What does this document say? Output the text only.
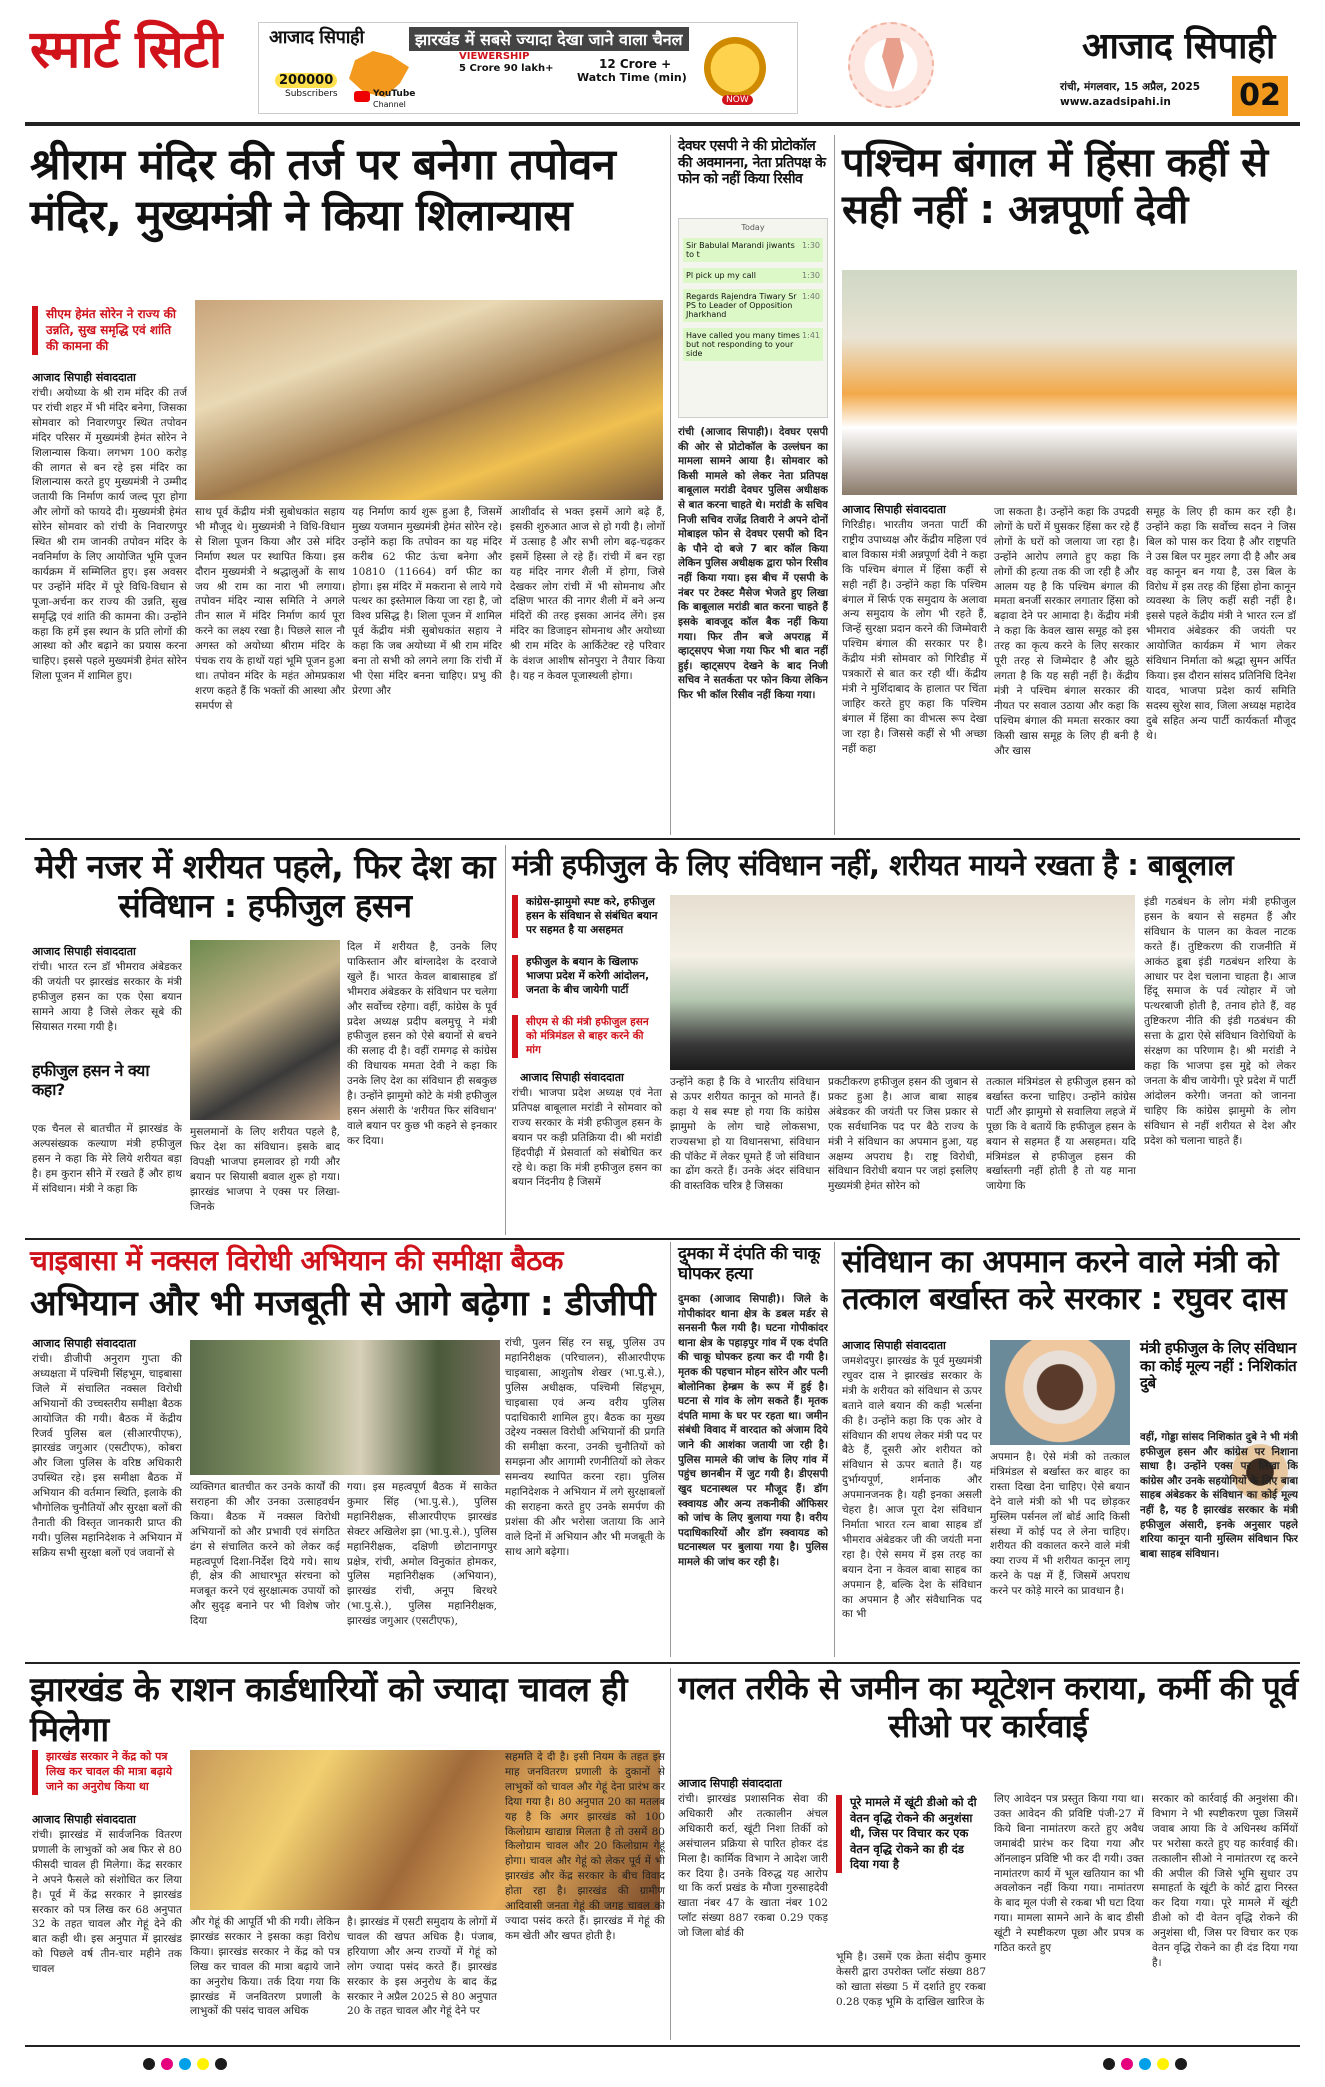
स्मार्ट सिटी	आजाद सिपाही	झारखंड में सबसे ज्यादा देखा जाने वाला चैनल
200000
Subscribers
VIEWERSHIP
5 Crore 90 lakh+	12 Crore +
Watch Time (min)
YouTube
Channel	NOW
आजाद सिपाही
रांची, मंगलवार, 15 अप्रैल, 2025
www.azadsipahi.in 02
श्रीराम मंदिर की तर्ज पर बनेगा तपोवन मंदिर, मुख्यमंत्री ने किया शिलान्यास
सीएम हेमंत सोरेन ने राज्य की उन्नति, सुख समृद्धि एवं शांति की कामना की
आजाद सिपाही संवाददाता
रांची। अयोध्या के श्री राम मंदिर की तर्ज पर रांची शहर में भी मंदिर बनेगा, जिसका सोमवार को निवारणपुर स्थित तपोवन मंदिर परिसर में मुख्यमंत्री हेमंत सोरेन ने शिलान्यास किया। लगभग 100 करोड़ की लागत से बन रहे इस मंदिर का शिलान्यास करते हुए मुख्यमंत्री ने उम्मीद जतायी कि निर्माण कार्य जल्द पूरा होगा और लोगों को फायदे दी। मुख्यमंत्री हेमंत सोरेन सोमवार को रांची के निवारणपुर स्थित श्री राम जानकी तपोवन मंदिर के नवनिर्माण के लिए आयोजित भूमि पूजन कार्यक्रम में सम्मिलित हुए। इस अवसर पर उन्होंने मंदिर में पूरे विधि-विधान से पूजा-अर्चना कर राज्य की उन्नति, सुख समृद्धि एवं शांति की कामना की। उन्होंने कहा कि हमें इस स्थान के प्रति लोगों की आस्था को और बढ़ाने का प्रयास करना चाहिए। इससे पहले मुख्यमंत्री हेमंत सोरेन शिला पूजन में शामिल हुए।
साथ पूर्व केंद्रीय मंत्री सुबोधकांत सहाय भी मौजूद थे। मुख्यमंत्री ने विधि-विधान से शिला पूजन किया और उसे मंदिर निर्माण स्थल पर स्थापित किया। इस दौरान मुख्यमंत्री ने श्रद्धालुओं के साथ जय श्री राम का नारा भी लगाया। तपोवन मंदिर न्यास समिति ने अगले तीन साल में मंदिर निर्माण कार्य पूरा करने का लक्ष्य रखा है। पिछले साल नौ अगस्त को अयोध्या श्रीराम मंदिर के पंचक राय के हाथों यहां भूमि पूजन हुआ था। तपोवन मंदिर के महंत ओमप्रकाश शरण कहते हैं कि भक्तों की आस्था और समर्पण से
यह निर्माण कार्य शुरू हुआ है, जिसमें मुख्य यजमान मुख्यमंत्री हेमंत सोरेन रहे। उन्होंने कहा कि तपोवन का यह मंदिर करीब 62 फीट ऊंचा बनेगा और 10810 (11664) वर्ग फीट का होगा। इस मंदिर में मकराना से लाये गये पत्थर का इस्तेमाल किया जा रहा है, जो विश्व प्रसिद्ध है। शिला पूजन में शामिल पूर्व केंद्रीय मंत्री सुबोधकांत सहाय ने कहा कि जब अयोध्या में श्री राम मंदिर बना तो सभी को लगने लगा कि रांची में भी ऐसा मंदिर बनना चाहिए। प्रभु की प्रेरणा और
आशीर्वाद से भक्त इसमें आगे बढ़े हैं, इसकी शुरुआत आज से हो गयी है। लोगों में उत्साह है और सभी लोग बढ़-चढ़कर इसमें हिस्सा ले रहे हैं। रांची में बन रहा यह मंदिर नागर शैली में होगा, जिसे देखकर लोग रांची में भी सोमनाथ और दक्षिण भारत की नागर शैली में बने अन्य मंदिरों की तरह इसका आनंद लेंगे। इस मंदिर का डिजाइन सोमनाथ और अयोध्या श्री राम मंदिर के आर्किटेक्ट रहे परिवार के वंशज आशीष सोनपुरा ने तैयार किया है। यह न केवल पूजास्थली होगा।
देवघर एसपी ने की प्रोटोकॉल की अवमानना, नेता प्रतिपक्ष के फोन को नहीं किया रिसीव
Today
Sir Babulal Marandi jiwants to t
1:30
Pl pick up my call	1:30
Regards Rajendra Tiwary Sr PS to Leader of Opposition Jharkhand
1:40
Have called you many times but not responding to your side
1:41
रांची (आजाद सिपाही)। देवघर एसपी की ओर से प्रोटोकॉल के उल्लंघन का मामला सामने आया है। सोमवार को किसी मामले को लेकर नेता प्रतिपक्ष बाबूलाल मरांडी देवघर पुलिस अधीक्षक से बात करना चाहते थे। मरांडी के सचिव निजी सचिव राजेंद्र तिवारी ने अपने दोनों मोबाइल फोन से देवघर एसपी को दिन के पौने दो बजे 7 बार कॉल किया लेकिन पुलिस अधीक्षक द्वारा फोन रिसीव नहीं किया गया। इस बीच में एसपी के नंबर पर टेक्स्ट मैसेज भेजते हुए लिखा कि बाबूलाल मरांडी बात करना चाहते हैं इसके बावजूद कॉल बैक नहीं किया गया। फिर तीन बजे अपराह्न में व्हाट्सएप भेजा गया फिर भी बात नहीं हुई। व्हाट्सएप देखने के बाद निजी सचिव ने सतर्कता पर फोन किया लेकिन फिर भी कॉल रिसीव नहीं किया गया।
पश्चिम बंगाल में हिंसा कहीं से सही नहीं : अन्नपूर्णा देवी
आजाद सिपाही संवाददाता
गिरिडीह। भारतीय जनता पार्टी की राष्ट्रीय उपाध्यक्ष और केंद्रीय महिला एवं बाल विकास मंत्री अन्नपूर्णा देवी ने कहा कि पश्चिम बंगाल में हिंसा कहीं से सही नहीं है। उन्होंने कहा कि पश्चिम बंगाल में सिर्फ एक समुदाय के अलावा अन्य समुदाय के लोग भी रहते हैं, जिन्हें सुरक्षा प्रदान करने की जिम्मेवारी पश्चिम बंगाल की सरकार पर है। केंद्रीय मंत्री सोमवार को गिरिडीह में पत्रकारों से बात कर रही थीं। केंद्रीय मंत्री ने मुर्शिदाबाद के हालात पर चिंता जाहिर करते हुए कहा कि पश्चिम बंगाल में हिंसा का वीभत्स रूप देखा जा रहा है। जिससे कहीं से भी अच्छा नहीं कहा
जा सकता है। उन्होंने कहा कि उपद्रवी लोगों के घरों में घुसकर हिंसा कर रहे हैं लोगों के घरों को जलाया जा रहा है। उन्होंने आरोप लगाते हुए कहा कि लोगों की हत्या तक की जा रही है और आलम यह है कि पश्चिम बंगाल की ममता बनर्जी सरकार लगातार हिंसा को बढ़ावा देने पर आमादा है। केंद्रीय मंत्री ने कहा कि केवल खास समूह को इस तरह का कृत्य करने के लिए सरकार पूरी तरह से जिम्मेदार है और झूठे लगता है कि यह सही नहीं है। केंद्रीय मंत्री ने पश्चिम बंगाल सरकार की नीयत पर सवाल उठाया और कहा कि पश्चिम बंगाल की ममता सरकार क्या किसी खास समूह के लिए ही बनी है और खास
समूह के लिए ही काम कर रही है। उन्होंने कहा कि सर्वोच्च सदन ने जिस बिल को पास कर दिया है और राष्ट्रपति ने उस बिल पर मुहर लगा दी है और अब वह कानून बन गया है, उस बिल के विरोध में इस तरह की हिंसा होना कानून व्यवस्था के लिए कहीं सही नहीं है। इससे पहले केंद्रीय मंत्री ने भारत रत्न डॉ भीमराव अंबेडकर की जयंती पर आयोजित कार्यक्रम में भाग लेकर संविधान निर्माता को श्रद्धा सुमन अर्पित किया। इस दौरान सांसद प्रतिनिधि दिनेश यादव, भाजपा प्रदेश कार्य समिति सदस्य सुरेश साव, जिला अध्यक्ष महादेव दुबे सहित अन्य पार्टी कार्यकर्ता मौजूद थे।
मेरी नजर में शरीयत पहले, फिर देश का संविधान : हफीजुल हसन
आजाद सिपाही संवाददाता
रांची। भारत रत्न डॉ भीमराव अंबेडकर की जयंती पर झारखंड सरकार के मंत्री हफीजुल हसन का एक ऐसा बयान सामने आया है जिसे लेकर सूबे की सियासत गरमा गयी है।
हफीजुल हसन ने क्या कहा?
एक चैनल से बातचीत में झारखंड के अल्पसंख्यक कल्याण मंत्री हफीजुल हसन ने कहा कि मेरे लिये शरीयत बड़ा है। हम कुरान सीने में रखते हैं और हाथ में संविधान। मंत्री ने कहा कि
मुसलमानों के लिए शरीयत पहले है, फिर देश का संविधान। इसके बाद विपक्षी भाजपा हमलावर हो गयी और बयान पर सियासी बवाल शुरू हो गया। झारखंड भाजपा ने एक्स पर लिखा- जिनके
दिल में शरीयत है, उनके लिए पाकिस्तान और बांग्लादेश के दरवाजे खुले हैं। भारत केवल बाबासाहब डॉ भीमराव अंबेडकर के संविधान पर चलेगा और सर्वोच्च रहेगा। वहीं, कांग्रेस के पूर्व प्रदेश अध्यक्ष प्रदीप बलमुचू ने मंत्री हफीजुल हसन को ऐसे बयानों से बचने की सलाह दी है। वहीं रामगढ़ से कांग्रेस की विधायक ममता देवी ने कहा कि उनके लिए देश का संविधान ही सबकुछ है। उन्होंने झामुमो कोटे के मंत्री हफीजुल हसन अंसारी के 'शरीयत फिर संविधान' वाले बयान पर कुछ भी कहने से इनकार कर दिया।
मंत्री हफीजुल के लिए संविधान नहीं, शरीयत मायने रखता है : बाबूलाल
कांग्रेस-झामुमो स्पष्ट करे, हफीजुल हसन के संविधान से संबंधित बयान पर सहमत है या असहमत
हफीजुल के बयान के खिलाफ भाजपा प्रदेश में करेगी आंदोलन, जनता के बीच जायेगी पार्टी
सीएम से की मंत्री हफीजुल हसन को मंत्रिमंडल से बाहर करने की मांग
आजाद सिपाही संवाददाता
रांची। भाजपा प्रदेश अध्यक्ष एवं नेता प्रतिपक्ष बाबूलाल मरांडी ने सोमवार को राज्य सरकार के मंत्री हफीजुल हसन के बयान पर कड़ी प्रतिक्रिया दी। श्री मरांडी हिंदपीढ़ी में प्रेसवार्ता को संबोधित कर रहे थे। कहा कि मंत्री हफीजुल हसन का बयान निंदनीय है जिसमें
उन्होंने कहा है कि वे भारतीय संविधान से ऊपर शरीयत कानून को मानते हैं। कहा ये सब स्पष्ट हो गया कि कांग्रेस झामुमो के लोग चाहे लोकसभा, राज्यसभा हो या विधानसभा, संविधान की पॉकेट में लेकर घूमते हैं जो संविधान का ढोंग करते हैं। उनके अंदर संविधान की वास्तविक चरित्र है जिसका
प्रकटीकरण हफीजुल हसन की जुबान से प्रकट हुआ है। आज बाबा साहब अंबेडकर की जयंती पर जिस प्रकार से एक सर्वधानिक पद पर बैठे राज्य के मंत्री ने संविधान का अपमान हुआ, यह अक्षम्य अपराध है। राष्ट्र विरोधी, संविधान विरोधी बयान पर जहां इसलिए मुख्यमंत्री हेमंत सोरेन को
तत्काल मंत्रिमंडल से हफीजुल हसन को बर्खास्त करना चाहिए। उन्होंने कांग्रेस पार्टी और झामुमो से सवालिया लहजे में पूछा कि वे बतायें कि हफीजुल हसन के बयान से सहमत हैं या असहमत। यदि मंत्रिमंडल से हफीजुल हसन की बर्खास्तगी नहीं होती है तो यह माना जायेगा कि
इंडी गठबंधन के लोग मंत्री हफीजुल हसन के बयान से सहमत हैं और संविधान के पालन का केवल नाटक करते हैं। तुष्टिकरण की राजनीति में आकंठ डूबा इंडी गठबंधन शरिया के आधार पर देश चलाना चाहता है। आज हिंदू समाज के पर्व त्योहार में जो पत्थरबाजी होती है, तनाव होते हैं, वह तुष्टिकरण नीति की इंडी गठबंधन की सत्ता के द्वारा ऐसे संविधान विरोधियों के संरक्षण का परिणाम है। श्री मरांडी ने कहा कि भाजपा इस मुद्दे को लेकर जनता के बीच जायेगी। पूरे प्रदेश में पार्टी आंदोलन करेगी। जनता को जानना चाहिए कि कांग्रेस झामुमो के लोग संविधान से नहीं शरीयत से देश और प्रदेश को चलाना चाहते हैं।
चाइबासा में नक्सल विरोधी अभियान की समीक्षा बैठक
अभियान और भी मजबूती से आगे बढ़ेगा : डीजीपी
आजाद सिपाही संवाददाता
रांची। डीजीपी अनुराग गुप्ता की अध्यक्षता में पश्चिमी सिंहभूम, चाइबासा जिले में संचालित नक्सल विरोधी अभियानों की उच्चस्तरीय समीक्षा बैठक आयोजित की गयी। बैठक में केंद्रीय रिजर्व पुलिस बल (सीआरपीएफ), झारखंड जगुआर (एसटीएफ), कोबरा और जिला पुलिस के वरिष्ठ अधिकारी उपस्थित रहे। इस समीक्षा बैठक में अभियान की वर्तमान स्थिति, इलाके की भौगोलिक चुनौतियों और सुरक्षा बलों की तैनाती की विस्तृत जानकारी प्राप्त की गयी। पुलिस महानिदेशक ने अभियान में सक्रिय सभी सुरक्षा बलों एवं जवानों से
व्यक्तिगत बातचीत कर उनके कार्यों की सराहना की और उनका उत्साहवर्धन किया। बैठक में नक्सल विरोधी अभियानों को और प्रभावी एवं संगठित ढंग से संचालित करने को लेकर कई महत्वपूर्ण दिशा-निर्देश दिये गये। साथ ही, क्षेत्र की आधारभूत संरचना को मजबूत करने एवं सुरक्षात्मक उपायों को और सुदृढ़ बनाने पर भी विशेष जोर दिया
गया। इस महत्वपूर्ण बैठक में साकेत कुमार सिंह (भा.पु.से.), पुलिस महानिरीक्षक, सीआरपीएफ झारखंड सेक्टर अखिलेश झा (भा.पु.से.), पुलिस महानिरीक्षक, दक्षिणी छोटानागपुर प्रक्षेत्र, रांची, अमोल विनुकांत होमकर, पुलिस महानिरीक्षक (अभियान), झारखंड रांची, अनूप बिरथरे (भा.पु.से.), पुलिस महानिरीक्षक, झारखंड जगुआर (एसटीएफ),
रांची, पुलन सिंह रन सन्नू, पुलिस उप महानिरीक्षक (परिचालन), सीआरपीएफ चाइबासा, आशुतोष शेखर (भा.पु.से.), पुलिस अधीक्षक, पश्चिमी सिंहभूम, चाइबासा एवं अन्य वरीय पुलिस पदाधिकारी शामिल हुए। बैठक का मुख्य उद्देश्य नक्सल विरोधी अभियानों की प्रगति की समीक्षा करना, उनकी चुनौतियों को समझना और आगामी रणनीतियों को लेकर समन्वय स्थापित करना रहा। पुलिस महानिदेशक ने अभियान में लगे सुरक्षाबलों की सराहना करते हुए उनके समर्पण की प्रशंसा की और भरोसा जताया कि आने वाले दिनों में अभियान और भी मजबूती के साथ आगे बढ़ेगा।
दुमका में दंपति की चाकू घोपकर हत्या
दुमका (आजाद सिपाही)। जिले के गोपीकांदर थाना क्षेत्र के डबल मर्डर से सनसनी फैल गयी है। घटना गोपीकांदर थाना क्षेत्र के पहाड़पुर गांव में एक दंपति की चाकू घोपकर हत्या कर दी गयी है। मृतक की पहचान मोहन सोरेन और पत्नी बोलोनिका हेम्ब्रम के रूप में हुई है। घटना से गांव के लोग सकते हैं। मृतक दंपति मामा के घर पर रहता था। जमीन संबंधी विवाद में वारदात को अंजाम दिये जाने की आशंका जतायी जा रही है। पुलिस मामले की जांच के लिए गांव में पहुंच छानबीन में जुट गयी है। डीएसपी खुद घटनास्थल पर मौजूद हैं। डॉग स्क्वायड और अन्य तकनीकी ऑफिसर को जांच के लिए बुलाया गया है। वरीय पदाधिकारियों और डॉग स्क्वायड को घटनास्थल पर बुलाया गया है। पुलिस मामले की जांच कर रही है।
संविधान का अपमान करने वाले मंत्री को तत्काल बर्खास्त करे सरकार : रघुवर दास
आजाद सिपाही संवाददाता
जमशेदपुर। झारखंड के पूर्व मुख्यमंत्री रघुवर दास ने झारखंड सरकार के मंत्री के शरीयत को संविधान से ऊपर बताने वाले बयान की कड़ी भर्त्सना की है। उन्होंने कहा कि एक ओर वे संविधान की शपथ लेकर मंत्री पद पर बैठे हैं, दूसरी ओर शरीयत को संविधान से ऊपर बताते हैं। यह दुर्भाग्यपूर्ण, शर्मनाक और अपमानजनक है। यही इनका असली चेहरा है। आज पूरा देश संविधान निर्माता भारत रत्न बाबा साहब डॉ भीमराव अंबेडकर जी की जयंती मना रहा है। ऐसे समय में इस तरह का बयान देना न केवल बाबा साहब का अपमान है, बल्कि देश के संविधान का अपमान है और संवैधानिक पद का भी
अपमान है। ऐसे मंत्री को तत्काल मंत्रिमंडल से बर्खास्त कर बाहर का रास्ता दिखा देना चाहिए। ऐसे बयान देने वाले मंत्री को भी पद छोड़कर मुस्लिम पर्सनल लॉ बोर्ड आदि किसी संस्था में कोई पद ले लेना चाहिए। शरीयत की वकालत करने वाले मंत्री क्या राज्य में भी शरीयत कानून लागू करने के पक्ष में हैं, जिसमें अपराध करने पर कोड़े मारने का प्रावधान है।
मंत्री हफीजुल के लिए संविधान का कोई मूल्य नहीं : निशिकांत दुबे
वहीं, गोड्डा सांसद निशिकांत दुबे ने भी मंत्री हफीजुल हसन और कांग्रेस पर निशाना साधा है। उन्होंने एक्स पर लिखा कि कांग्रेस और उनके सहयोगियों के लिए बाबा साहब अंबेडकर के संविधान का कोई मूल्य नहीं है, यह है झारखंड सरकार के मंत्री हफीजुल अंसारी, इनके अनुसार पहले शरिया कानून यानी मुस्लिम संविधान फिर बाबा साहब संविधान।
झारखंड के राशन कार्डधारियों को ज्यादा चावल ही मिलेगा
झारखंड सरकार ने केंद्र को पत्र लिख कर चावल की मात्रा बढ़ाये जाने का अनुरोध किया था
आजाद सिपाही संवाददाता
रांची। झारखंड में सार्वजनिक वितरण प्रणाली के लाभुकों को अब फिर से 80 फीसदी चावल ही मिलेगा। केंद्र सरकार ने अपने फैसले को संशोधित कर लिया है। पूर्व में केंद्र सरकार ने झारखंड सरकार को पत्र लिख कर 68 अनुपात 32 के तहत चावल और गेहूं देने की बात कही थी। इस अनुपात में झारखंड को पिछले वर्ष तीन-चार महीने तक चावल
और गेहूं की आपूर्ति भी की गयी। लेकिन झारखंड सरकार ने इसका कड़ा विरोध किया। झारखंड सरकार ने केंद्र को पत्र लिख कर चावल की मात्रा बढ़ाये जाने का अनुरोध किया। तर्क दिया गया कि झारखंड में जनवितरण प्रणाली के लाभुकों की पसंद चावल अधिक
है। झारखंड में एसटी समुदाय के लोगों में चावल की खपत अधिक है। पंजाब, हरियाणा और अन्य राज्यों में गेहूं को लोग ज्यादा पसंद करते हैं। झारखंड सरकार के इस अनुरोध के बाद केंद्र सरकार ने अप्रैल 2025 से 80 अनुपात 20 के तहत चावल और गेहूं देने पर
सहमति दे दी है। इसी नियम के तहत इस माह जनवितरण प्रणाली के दुकानों से लाभुकों को चावल और गेहूं देना प्रारंभ कर दिया गया है। 80 अनुपात 20 का मतलब यह है कि अगर झारखंड को 100 किलोग्राम खाद्यान्न मिलता है तो उसमें 80 किलोग्राम चावल और 20 किलोग्राम गेहूं होगा। चावल और गेहूं को लेकर पूर्व में भी झारखंड और केंद्र सरकार के बीच विवाद होता रहा है। झारखंड की ग्रामीण आदिवासी जनता गेहूं की जगह चावल को ज्यादा पसंद करते हैं। झारखंड में गेहूं की कम खेती और खपत होती है।
गलत तरीके से जमीन का म्यूटेशन कराया, कर्मी की पूर्व सीओ पर कार्रवाई
आजाद सिपाही संवाददाता
रांची। झारखंड प्रशासनिक सेवा की अधिकारी और तत्कालीन अंचल अधिकारी कर्रा, खूंटी निशा तिर्की को असंचालन प्रक्रिया से पारित होकर दंड मिला है। कार्मिक विभाग ने आदेश जारी कर दिया है। उनके विरुद्ध यह आरोप था कि कर्रा प्रखंड के मौजा गुरुसाहदेवी खाता नंबर 47 के खाता नंबर 102 प्लॉट संख्या 887 रकबा 0.29 एकड़ जो जिला बोर्ड की
पूरे मामले में खूंटी डीओ को दी वेतन वृद्धि रोकने की अनुशंसा थी, जिस पर विचार कर एक वेतन वृद्धि रोकने का ही दंड दिया गया है
भूमि है। उसमें एक क्रेता संदीप कुमार केसरी द्वारा उपरोक्त प्लॉट संख्या 887 को खाता संख्या 5 में दर्शाते हुए रकबा 0.28 एकड़ भूमि के दाखिल खारिज के
लिए आवेदन पत्र प्रस्तुत किया गया था। उक्त आवेदन की प्रविष्टि पंजी-27 में किये बिना नामांतरण करते हुए अवैध जमाबंदी प्रारंभ कर दिया गया और ऑनलाइन प्रविष्टि भी कर दी गयी। उक्त नामांतरण कार्य में भूल खतियान का भी अवलोकन नहीं किया गया। नामांतरण के बाद मूल पंजी से रकबा भी घटा दिया गया। मामला सामने आने के बाद डीसी खूंटी ने स्पष्टीकरण पूछा और प्रपत्र क गठित करते हुए
सरकार को कार्रवाई की अनुशंसा की। विभाग ने भी स्पष्टीकरण पूछा जिसमें जवाब आया कि वे अधिनस्थ कर्मियों पर भरोसा करते हुए यह कार्रवाई की। तत्कालीन सीओ ने नामांतरण रद्द करने की अपील की जिसे भूमि सुधार उप समाहर्ता के खूंटी के कोर्ट द्वारा निरस्त कर दिया गया। पूरे मामले में खूंटी डीओ को दी वेतन वृद्धि रोकने की अनुशंसा थी, जिस पर विचार कर एक वेतन वृद्धि रोकने का ही दंड दिया गया है।
